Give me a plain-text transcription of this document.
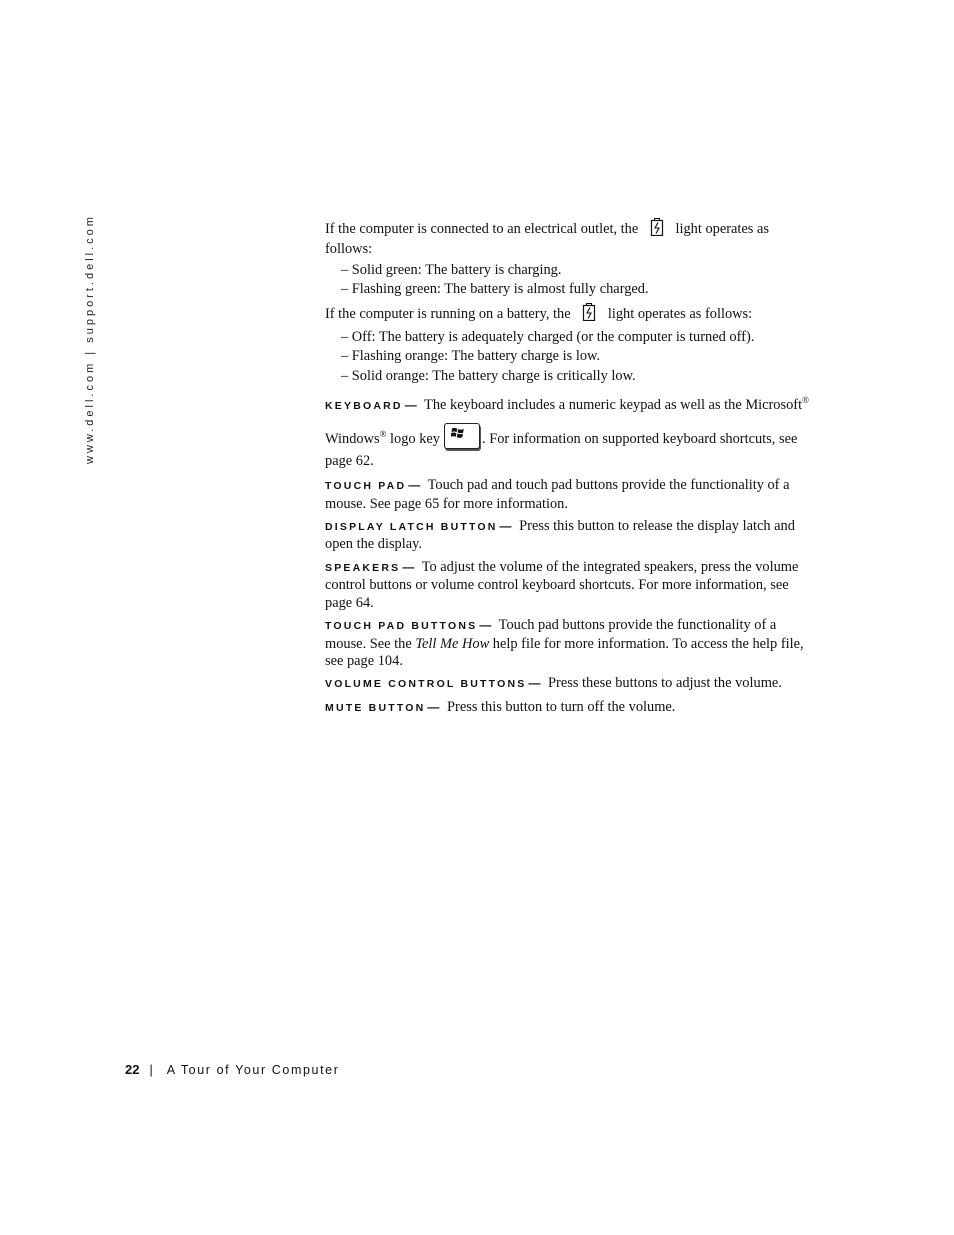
www.dell.com | support.dell.com	If the computer is connected to an electrical outlet, the	light operates as follows:

– Solid green: The battery is charging.

– Flashing green: The battery is almost fully charged.

If the computer is running on a battery, the	light operates as follows:

– Off: The battery is adequately charged (or the computer is turned off).

– Flashing orange: The battery charge is low.

– Solid orange: The battery charge is critically low.

KEYBOARD — The keyboard includes a numeric keypad as well as the Microsoft®
Windows® logo key	. For information on supported keyboard shortcuts, see page 62.

TOUCH PAD — Touch pad and touch pad buttons provide the functionality of a mouse. See page 65 for more information.

DISPLAY LATCH BUTTON — Press this button to release the display latch and open the display.

SPEAKERS — To adjust the volume of the integrated speakers, press the volume control buttons or volume control keyboard shortcuts. For more information, see page 64.

TOUCH PAD BUTTONS — Touch pad buttons provide the functionality of a mouse. See the Tell Me How help file for more information. To access the help file, see page 104.

VOLUME CONTROL BUTTONS — Press these buttons to adjust the volume.

MUTE BUTTON — Press this button to turn off the volume.

22 | A Tour of Your Computer
